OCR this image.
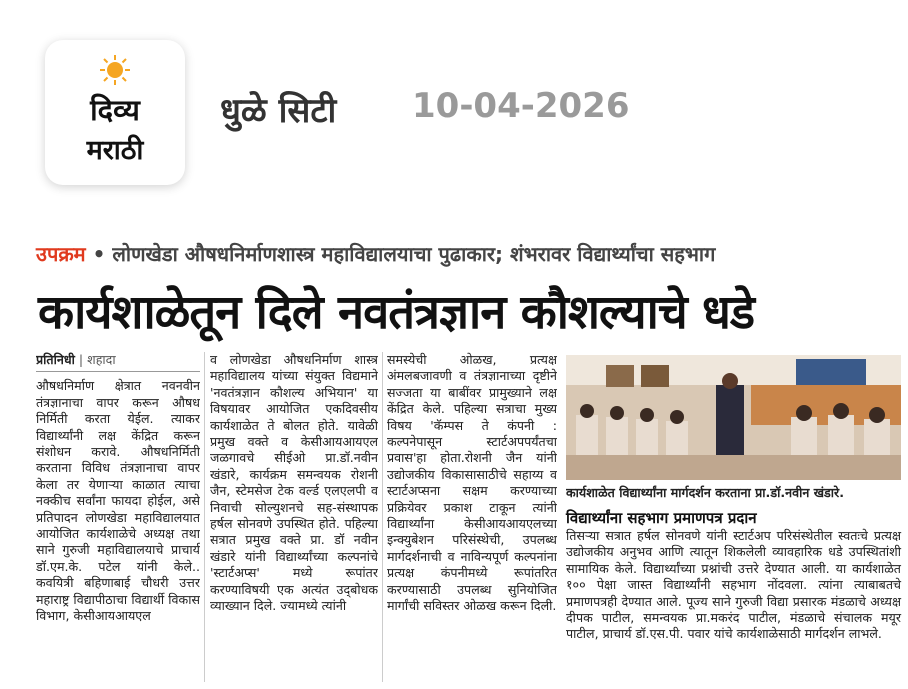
दिव्य
मराठी
धुळे सिटी 10-04-2026
उपक्रम • लोणखेडा औषधनिर्माणशास्त्र महाविद्यालयाचा पुढाकार; शंभरावर विद्यार्थ्यांचा सहभाग
कार्यशाळेतून दिले नवतंत्रज्ञान कौशल्याचे धडे
प्रतिनिधी | शहादा
औषधनिर्माण क्षेत्रात नवनवीन तंत्रज्ञानाचा वापर करून औषध निर्मिती करता येईल. त्याकर विद्यार्थ्यांनी लक्ष केंद्रित करून संशोधन करावे. औषधनिर्मिती करताना विविध तंत्रज्ञानाचा वापर केला तर येणाऱ्या काळात त्याचा नक्कीच सर्वांना फायदा होईल, असे प्रतिपादन लोणखेडा महाविद्यालयात आयोजित कार्यशाळेचे अध्यक्ष तथा साने गुरुजी महाविद्यालयाचे प्राचार्य डॉ.एम.के. पटेल यांनी केले.. कवयित्री बहिणाबाई चौधरी उत्तर महाराष्ट्र विद्यापीठाचा विद्यार्थी विकास विभाग, केसीआयआयएल
व लोणखेडा औषधनिर्माण शास्त्र महाविद्यालय यांच्या संयुक्त विद्यमाने 'नवतंत्रज्ञान कौशल्य अभियान' या विषयावर आयोजित एकदिवसीय कार्यशाळेत ते बोलत होते. यावेळी प्रमुख वक्ते व केसीआयआयएल जळगावचे सीईओ प्रा.डॉ.नवीन खंडारे, कार्यक्रम समन्वयक रोशनी जैन, स्टेमसेज टेक वर्ल्ड एलएलपी व निवाची सोल्युशनचे सह-संस्थापक हर्षल सोनवणे उपस्थित होते. पहिल्या सत्रात प्रमुख वक्ते प्रा. डॉ नवीन खंडारे यांनी विद्यार्थ्यांच्या कल्पनांचे 'स्टार्टअप्स' मध्ये रूपांतर करण्याविषयी एक अत्यंत उद्‌बोधक व्याख्यान दिले. ज्यामध्ये त्यांनी
समस्येची ओळख, प्रत्यक्ष अंमलबजावणी व तंत्रज्ञानाच्या दृष्टीने सज्जता या बाबींवर प्रामुख्याने लक्ष केंद्रित केले. पहिल्या सत्राचा मुख्य विषय 'कॅम्पस ते कंपनी : कल्पनेपासून स्टार्टअपपर्यंतचा प्रवास'हा होता.रोशनी जैन यांनी उद्योजकीय विकासासाठीचे सहाय्य व स्टार्टअप्सना सक्षम करण्याच्या प्रक्रियेवर प्रकाश टाकून त्यांनी विद्यार्थ्यांना केसीआयआयएलच्या इन्क्युबेशन परिसंस्थेची, उपलब्ध मार्गदर्शनाची व नाविन्यपूर्ण कल्पनांना प्रत्यक्ष कंपनीमध्ये रूपांतरित करण्यासाठी उपलब्ध सुनियोजित मार्गांची सविस्तर ओळख करून दिली.
कार्यशाळेत विद्यार्थ्यांना मार्गदर्शन करताना प्रा.डॉ.नवीन खंडारे.
विद्यार्थ्यांना सहभाग प्रमाणपत्र प्रदान
तिसऱ्या सत्रात हर्षल सोनवणे यांनी स्टार्टअप परिसंस्थेतील स्वतःचे प्रत्यक्ष उद्योजकीय अनुभव आणि त्यातून शिकलेली व्यावहारिक धडे उपस्थितांशी सामायिक केले. विद्यार्थ्यांच्या प्रश्नांची उत्तरे देण्यात आली. या कार्यशाळेत १०० पेक्षा जास्त विद्यार्थ्यांनी सहभाग नोंदवला. त्यांना त्याबाबतचे प्रमाणपत्रही देण्यात आले. पूज्य साने गुरुजी विद्या प्रसारक मंडळाचे अध्यक्ष दीपक पाटील, समन्वयक प्रा.मकरंद पाटील, मंडळाचे संचालक मयूर पाटील, प्राचार्य डॉ.एस.पी. पवार यांचे कार्यशाळेसाठी मार्गदर्शन लाभले.
